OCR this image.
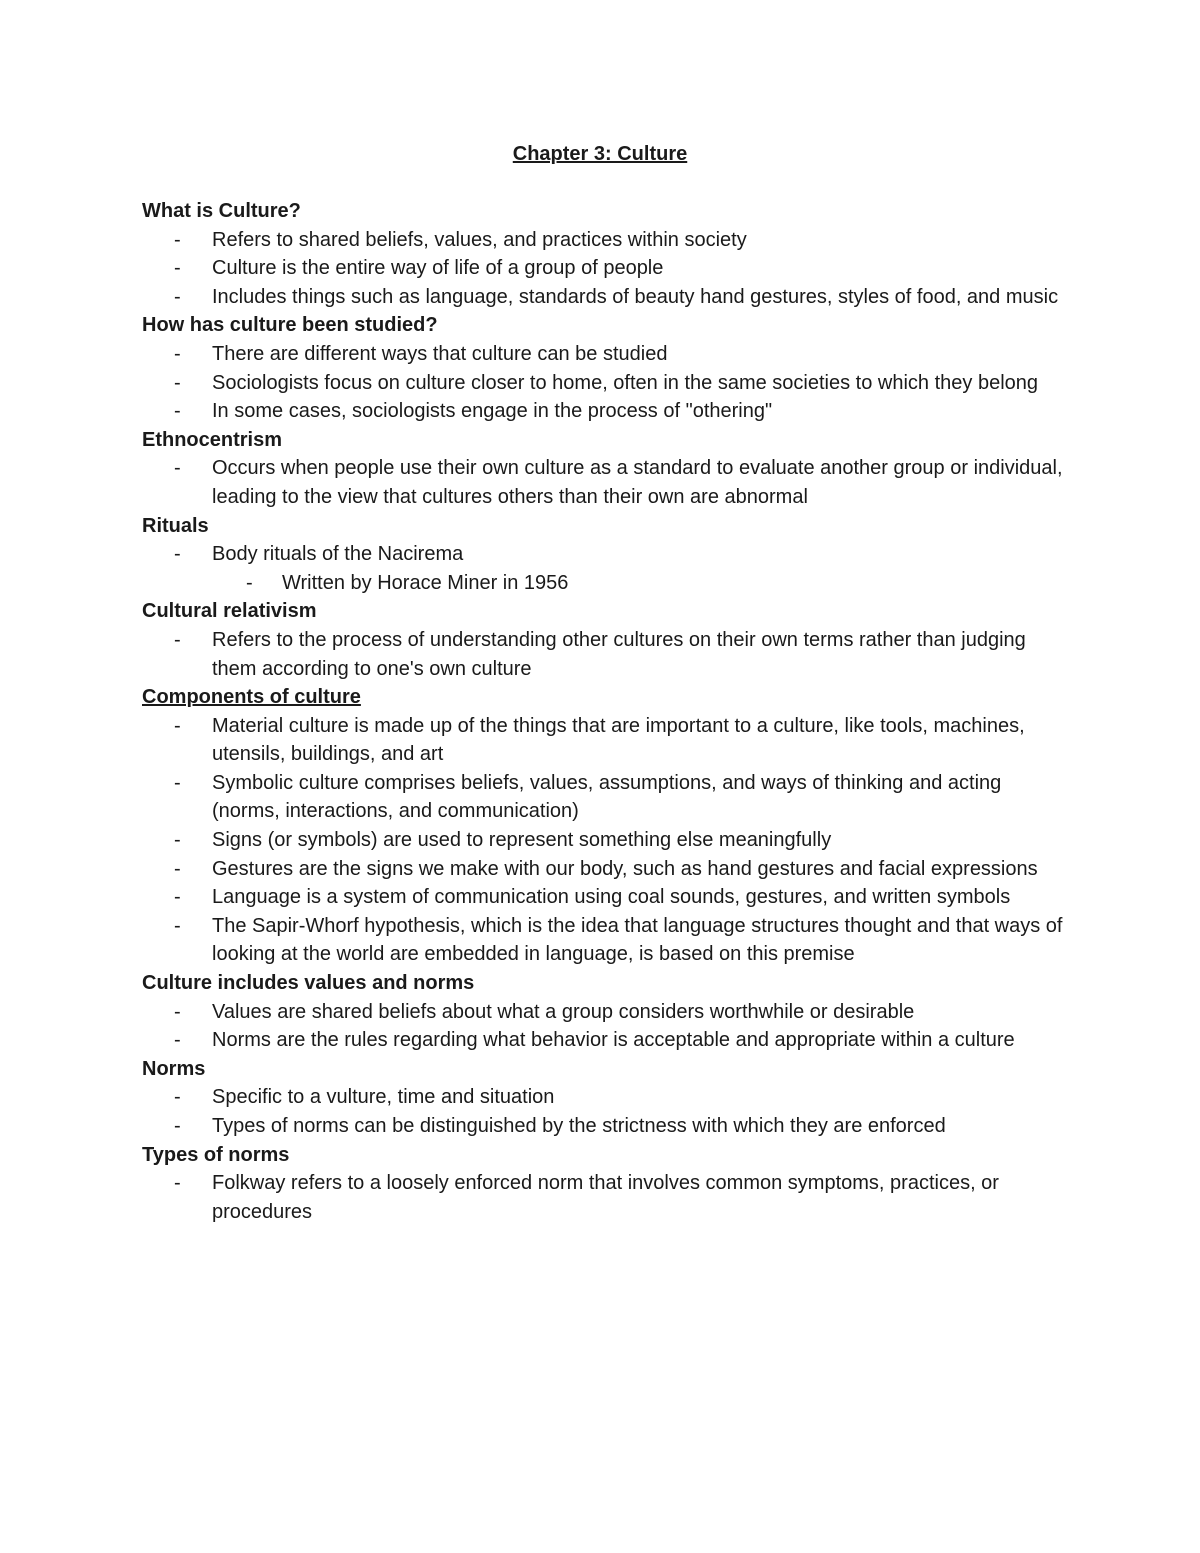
Chapter 3: Culture

What is Culture?

- Refers to shared beliefs, values, and practices within society

- Culture is the entire way of life of a group of people

- Includes things such as language, standards of beauty hand gestures, styles of food, and music

How has culture been studied?

- There are different ways that culture can be studied

- Sociologists focus on culture closer to home, often in the same societies to which they belong

- In some cases, sociologists engage in the process of "othering"

Ethnocentrism

- Occurs when people use their own culture as a standard to evaluate another group or individual, leading to the view that cultures others than their own are abnormal

Rituals

- Body rituals of the Nacirema

- Written by Horace Miner in 1956

Cultural relativism

- Refers to the process of understanding other cultures on their own terms rather than judging them according to one's own culture

Components of culture

- Material culture is made up of the things that are important to a culture, like tools, machines, utensils, buildings, and art

- Symbolic culture comprises beliefs, values, assumptions, and ways of thinking and acting (norms, interactions, and communication)

- Signs (or symbols) are used to represent something else meaningfully

- Gestures are the signs we make with our body, such as hand gestures and facial expressions

- Language is a system of communication using coal sounds, gestures, and written symbols

- The Sapir-Whorf hypothesis, which is the idea that language structures thought and that ways of looking at the world are embedded in language, is based on this premise

Culture includes values and norms

- Values are shared beliefs about what a group considers worthwhile or desirable

- Norms are the rules regarding what behavior is acceptable and appropriate within a culture

Norms

- Specific to a vulture, time and situation

- Types of norms can be distinguished by the strictness with which they are enforced

Types of norms

- Folkway refers to a loosely enforced norm that involves common symptoms, practices, or procedures
